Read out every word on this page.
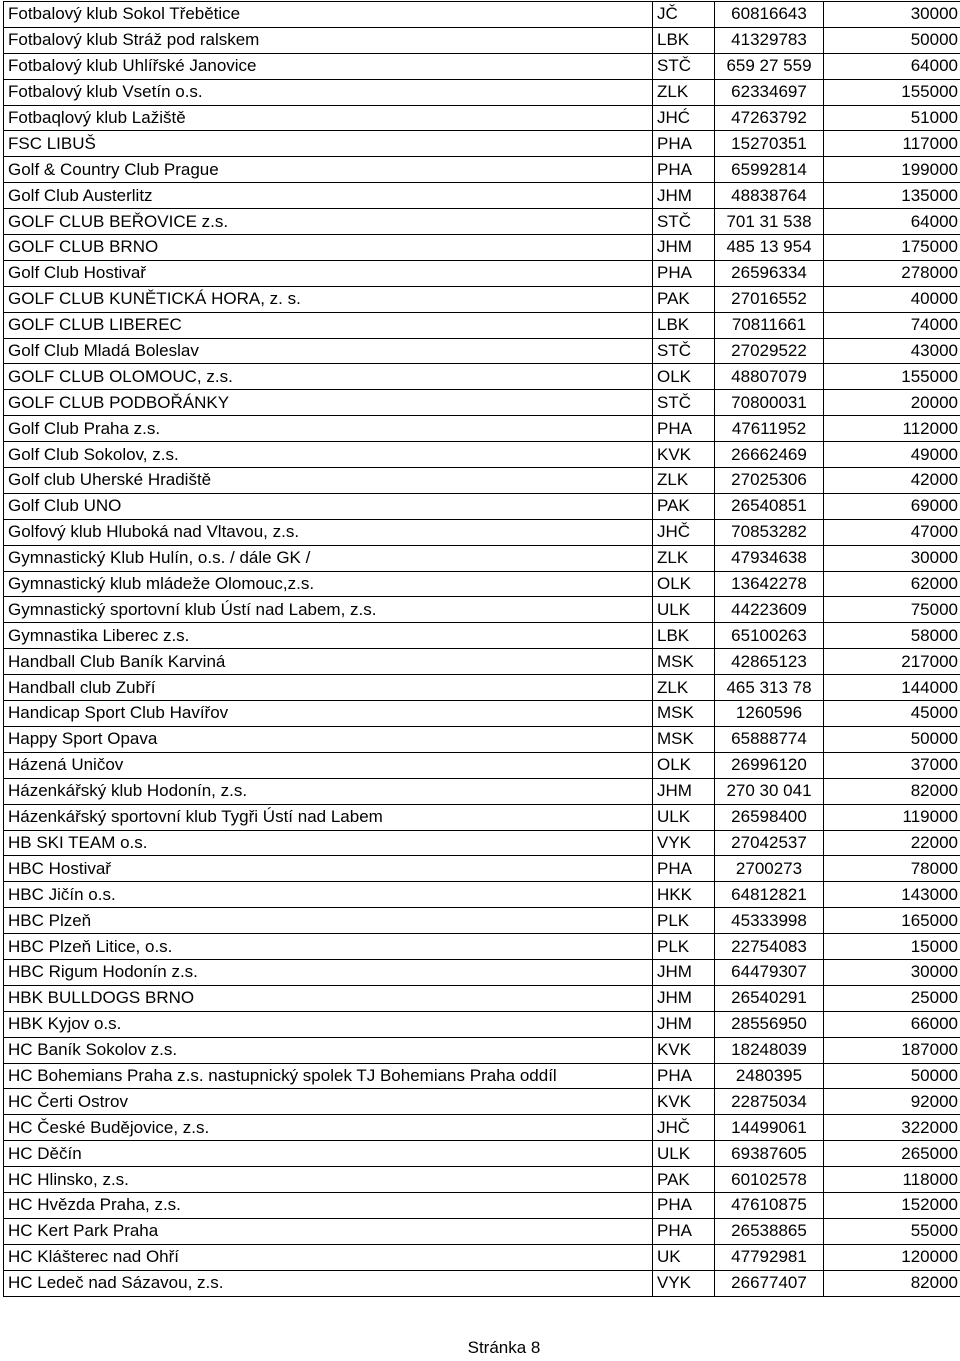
Fotbalový klub Sokol Třebětice	JČ	60816643	30000
Fotbalový klub Stráž pod ralskem	LBK	41329783	50000
Fotbalový klub Uhlířské Janovice	STČ	659 27 559	64000
Fotbalový klub Vsetín o.s.	ZLK	62334697	155000
Fotbaqlový klub Lažiště	JHĆ	47263792	51000
FSC LIBUŠ	PHA	15270351	117000
Golf & Country Club Prague	PHA	65992814	199000
Golf Club Austerlitz	JHM	48838764	135000
GOLF CLUB BEŘOVICE z.s.	STČ	701 31 538	64000
GOLF CLUB BRNO	JHM	485 13 954	175000
Golf Club Hostivař	PHA	26596334	278000
GOLF CLUB KUNĚTICKÁ HORA, z. s.	PAK	27016552	40000
GOLF CLUB LIBEREC	LBK	70811661	74000
Golf Club Mladá Boleslav	STČ	27029522	43000
GOLF CLUB OLOMOUC, z.s.	OLK	48807079	155000
GOLF CLUB PODBOŘÁNKY	STČ	70800031	20000
Golf Club Praha z.s.	PHA	47611952	112000
Golf Club Sokolov, z.s.	KVK	26662469	49000
Golf club Uherské Hradiště	ZLK	27025306	42000
Golf Club UNO	PAK	26540851	69000
Golfový klub Hluboká nad Vltavou, z.s.	JHČ	70853282	47000
Gymnastický Klub Hulín, o.s. / dále GK /	ZLK	47934638	30000
Gymnastický klub mládeže Olomouc,z.s.	OLK	13642278	62000
Gymnastický sportovní klub Ústí nad Labem, z.s.	ULK	44223609	75000
Gymnastika Liberec z.s.	LBK	65100263	58000
Handball Club Baník Karviná	MSK	42865123	217000
Handball club Zubří	ZLK	465 313 78	144000
Handicap Sport Club Havířov	MSK	1260596	45000
Happy Sport Opava	MSK	65888774	50000
Házená Uničov	OLK	26996120	37000
Házenkářský klub Hodonín, z.s.	JHM	270 30 041	82000
Házenkářský sportovní klub Tygři Ústí nad Labem	ULK	26598400	119000
HB SKI TEAM o.s.	VYK	27042537	22000
HBC Hostivař	PHA	2700273	78000
HBC Jičín o.s.	HKK	64812821	143000
HBC Plzeň	PLK	45333998	165000
HBC Plzeň Litice, o.s.	PLK	22754083	15000
HBC Rigum Hodonín z.s.	JHM	64479307	30000
HBK BULLDOGS BRNO	JHM	26540291	25000
HBK Kyjov o.s.	JHM	28556950	66000
HC Baník Sokolov z.s.	KVK	18248039	187000
HC Bohemians Praha z.s. nastupnický spolek TJ Bohemians Praha oddíl	PHA	2480395	50000
HC Čerti Ostrov	KVK	22875034	92000
HC České Budějovice, z.s.	JHČ	14499061	322000
HC Děčín	ULK	69387605	265000
HC Hlinsko, z.s.	PAK	60102578	118000
HC Hvězda Praha, z.s.	PHA	47610875	152000
HC Kert Park Praha	PHA	26538865	55000
HC Klášterec nad Ohří	UK	47792981	120000
HC Ledeč nad Sázavou, z.s.	VYK	26677407	82000
Stránka 8
